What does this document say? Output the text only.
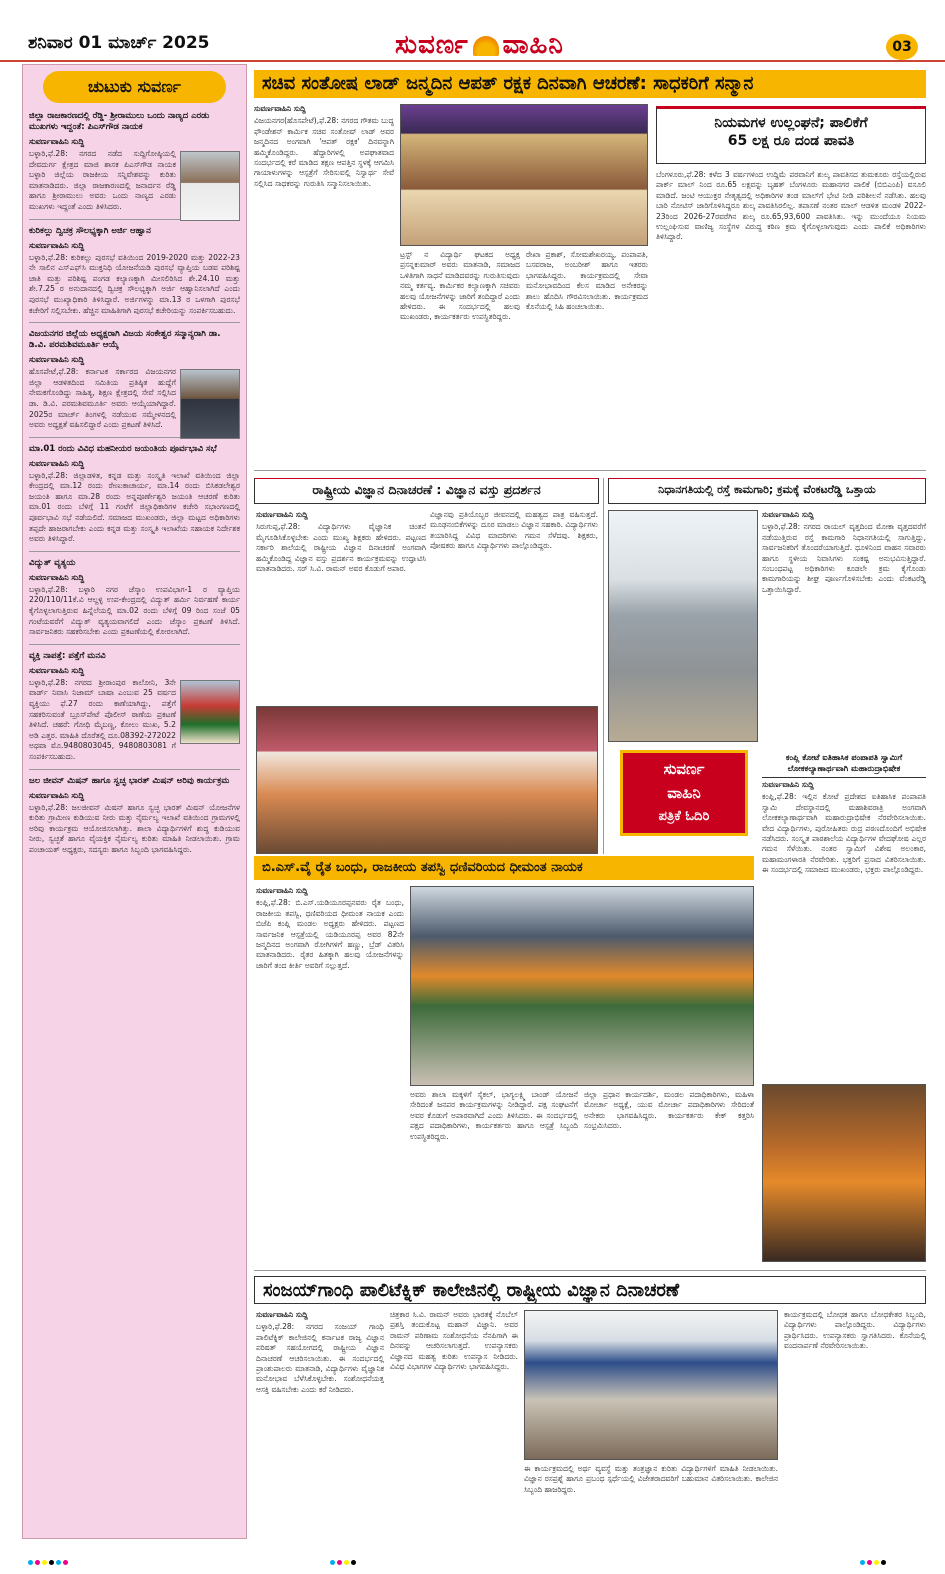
ಶನಿವಾರ 01 ಮಾರ್ಚ್ 2025	ಸುವರ್ಣ ವಾಹಿನಿ	03
ಚುಟುಕು ಸುವರ್ಣ
ಜಿಲ್ಲಾ ರಾಜಕಾರಣದಲ್ಲಿ ರೆಡ್ಡಿ- ಶ್ರೀರಾಮುಲು ಒಂದು ನಾಣ್ಯದ ಎರಡು ಮುಖಗಳು ಇದ್ದಂತೆ: ಪಿಎಸ್‌ಗೌಡ ನಾಯಕ
ಸುವರ್ಣವಾಹಿನಿ ಸುದ್ದಿ
ಬಳ್ಳಾರಿ,ಫೆ.28: ನಗರದ ನಡೆದ ಸುದ್ದಿಗೋಷ್ಠಿಯಲ್ಲಿ ದೇವದುರ್ಗ ಕ್ಷೇತ್ರದ ಮಾಜಿ ಶಾಸಕ ಪಿಎಸ್‌ಗೌಡ ನಾಯಕ ಬಳ್ಳಾರಿ ಜಿಲ್ಲೆಯ ರಾಜಕೀಯ ಸನ್ನಿವೇಶವನ್ನು ಕುರಿತು ಮಾತನಾಡಿದರು. ಜಿಲ್ಲಾ ರಾಜಕಾರಣದಲ್ಲಿ ಜನಾರ್ದನ ರೆಡ್ಡಿ ಹಾಗೂ ಶ್ರೀರಾಮುಲು ಅವರು ಒಂದು ನಾಣ್ಯದ ಎರಡು ಮುಖಗಳು ಇದ್ದಂತೆ ಎಂದು ತಿಳಿಸಿದರು.
ಕುರಿಕಲ್ಲು ದ್ವಿಚಕ್ರ ಸೌಲಭ್ಯಕ್ಕಾಗಿ ಅರ್ಜಿ ಆಹ್ವಾನ
ಸುವರ್ಣವಾಹಿನಿ ಸುದ್ದಿ
ಬಳ್ಳಾರಿ,ಫೆ.28: ಕುರಿಕಲ್ಲು ಪುರಸಭೆ ವತಿಯಿಂದ 2019-2020 ಮತ್ತು 2022-23 ನೇ ಸಾಲಿನ ಎಸ್‌ಎಫ್‌ಸಿ ಮುಕ್ತನಿಧಿ ಯೋಜನೆಯಡಿ ಪುರಸಭೆ ವ್ಯಾಪ್ತಿಯ ಬಡವ ಪರಿಶಿಷ್ಟ ಜಾತಿ ಮತ್ತು ಪರಿಶಿಷ್ಟ ಪಂಗಡ ಕಲ್ಯಾಣಕ್ಕಾಗಿ ಮೀಸಲಿರಿಸಿದ ಶೇ.24.10 ಮತ್ತು ಶೇ.7.25 ರ ಅನುದಾನದಲ್ಲಿ ದ್ವಿಚಕ್ರ ಸೌಲಭ್ಯಕ್ಕಾಗಿ ಅರ್ಜಿ ಆಹ್ವಾನಿಸಲಾಗಿದೆ ಎಂದು ಪುರಸಭೆ ಮುಖ್ಯಾಧಿಕಾರಿ ತಿಳಿಸಿದ್ದಾರೆ. ಅರ್ಜಿಗಳನ್ನು ಮಾ.13 ರ ಒಳಗಾಗಿ ಪುರಸಭೆ ಕಚೇರಿಗೆ ಸಲ್ಲಿಸಬೇಕು. ಹೆಚ್ಚಿನ ಮಾಹಿತಿಗಾಗಿ ಪುರಸಭೆ ಕಚೇರಿಯನ್ನು ಸಂಪರ್ಕಿಸಬಹುದು.
ವಿಜಯನಗರ ಜಿಲ್ಲೆಯ ಅಧ್ಯಕ್ಷರಾಗಿ ವಿಜಯ ಸಂಕೇಶ್ವರ ಸನ್ಮಾನ್ಯರಾಗಿ ಡಾ. ಡಿ.ವಿ. ಪರಮಶಿವಮೂರ್ತಿ ಆಯ್ಕೆ
ಸುವರ್ಣವಾಹಿನಿ ಸುದ್ದಿ
ಹೊಸಪೇಟೆ,ಫೆ.28: ಕರ್ನಾಟಕ ಸರ್ಕಾರದ ವಿಜಯನಗರ ಜಿಲ್ಲಾ ಆಡಳಿತದಿಂದ ಸಮಿತಿಯ ಪ್ರತಿಷ್ಠಿತ ಹುದ್ದೆಗೆ ನೇಮಕಗೊಂಡಿದ್ದು ಸಾಹಿತ್ಯ, ಶಿಕ್ಷಣ ಕ್ಷೇತ್ರದಲ್ಲಿ ಸೇವೆ ಸಲ್ಲಿಸಿದ ಡಾ. ಡಿ.ವಿ. ಪರಮಶಿವಮೂರ್ತಿ ಅವರು ಆಯ್ಕೆಯಾಗಿದ್ದಾರೆ. 2025ರ ಮಾರ್ಚ್ ತಿಂಗಳಲ್ಲಿ ನಡೆಯುವ ಸಮ್ಮೇಳನದಲ್ಲಿ ಅವರು ಅಧ್ಯಕ್ಷತೆ ವಹಿಸಲಿದ್ದಾರೆ ಎಂದು ಪ್ರಕಟಣೆ ತಿಳಿಸಿದೆ.
ಮಾ.01 ರಂದು ವಿವಿಧ ಮಹನೀಯರ ಜಯಂತಿಯ ಪೂರ್ವಭಾವಿ ಸಭೆ
ಸುವರ್ಣವಾಹಿನಿ ಸುದ್ದಿ
ಬಳ್ಳಾರಿ,ಫೆ.28: ಜಿಲ್ಲಾಡಳಿತ, ಕನ್ನಡ ಮತ್ತು ಸಂಸ್ಕೃತಿ ಇಲಾಖೆ ವತಿಯಿಂದ ಜಿಲ್ಲಾ ಕೇಂದ್ರದಲ್ಲಿ ಮಾ.12 ರಂದು ರೇಣುಕಾಚಾರ್ಯ, ಮಾ.14 ರಂದು ಬಿಸಿಕಡಲೇಶ್ವರ ಜಯಂತಿ ಹಾಗೂ ಮಾ.28 ರಂದು ಅನ್ನಪೂರ್ಣೇಶ್ವರಿ ಜಯಂತಿ ಆಚರಣೆ ಕುರಿತು ಮಾ.01 ರಂದು ಬೆಳಿಗ್ಗೆ 11 ಗಂಟೆಗೆ ಜಿಲ್ಲಾಧಿಕಾರಿಗಳ ಕಚೇರಿ ಸಭಾಂಗಣದಲ್ಲಿ ಪೂರ್ವಭಾವಿ ಸಭೆ ನಡೆಯಲಿದೆ. ಸಮಾಜದ ಮುಖಂಡರು, ಜಿಲ್ಲಾ ಮಟ್ಟದ ಅಧಿಕಾರಿಗಳು ತಪ್ಪದೇ ಹಾಜರಾಗಬೇಕು ಎಂದು ಕನ್ನಡ ಮತ್ತು ಸಂಸ್ಕೃತಿ ಇಲಾಖೆಯ ಸಹಾಯಕ ನಿರ್ದೇಶಕ ಅವರು ತಿಳಿಸಿದ್ದಾರೆ.
ವಿದ್ಯುತ್ ವ್ಯತ್ಯಯ
ಸುವರ್ಣವಾಹಿನಿ ಸುದ್ದಿ
ಬಳ್ಳಾರಿ,ಫೆ.28: ಬಳ್ಳಾರಿ ನಗರ ಜೆಸ್ಕಾಂ ಉಪವಿಭಾಗ-1 ರ ವ್ಯಾಪ್ತಿಯ 220/110/11ಕೆ.ವಿ ಆಲ್ದಳ್ಳಿ ಉಪ-ಕೇಂದ್ರದಲ್ಲಿ ವಿದ್ಯುತ್ ಹರ್ಮಿ ನಿರ್ವಹಣೆ ಕಾರ್ಯ ಕೈಗೊಳ್ಳಲಾಗುತ್ತಿರುವ ಹಿನ್ನೆಲೆಯಲ್ಲಿ ಮಾ.02 ರಂದು ಬೆಳಿಗ್ಗೆ 09 ರಿಂದ ಸಂಜೆ 05 ಗಂಟೆಯವರೆಗೆ ವಿದ್ಯುತ್ ವ್ಯತ್ಯಯವಾಗಲಿದೆ ಎಂದು ಜೆಸ್ಕಾಂ ಪ್ರಕಟಣೆ ತಿಳಿಸಿದೆ. ಸಾರ್ವಜನಿಕರು ಸಹಕರಿಸಬೇಕು ಎಂದು ಪ್ರಕಟಣೆಯಲ್ಲಿ ಕೋರಲಾಗಿದೆ.
ವ್ಯಕ್ತಿ ನಾಪತ್ತೆ: ಪತ್ತೆಗೆ ಮನವಿ
ಸುವರ್ಣವಾಹಿನಿ ಸುದ್ದಿ
ಬಳ್ಳಾರಿ,ಫೆ.28: ನಗರದ ಶ್ರೀರಾಂಪುರ ಕಾಲೋನಿ, 3ನೇ ವಾರ್ಡ್ ನಿವಾಸಿ ನಿಜಾಮ್ ಬಾಷಾ ಎಂಬುವ 25 ವರ್ಷದ ವ್ಯಕ್ತಿಯು ಫೆ.27 ರಂದು ಕಾಣೆಯಾಗಿದ್ದು, ಪತ್ತೆಗೆ ಸಹಕರಿಸುವಂತೆ ಬ್ರೂಸ್‌ಪೇಟೆ ಪೊಲೀಸ್ ಠಾಣೆಯ ಪ್ರಕಟಣೆ ತಿಳಿಸಿದೆ. ಚಹರೆ: ಗೋಧಿ ಮೈಬಣ್ಣ, ಕೋಲು ಮುಖ, 5.2 ಅಡಿ ಎತ್ತರ. ಮಾಹಿತಿ ದೊರೆತಲ್ಲಿ ದೂ.08392-272022 ಅಥವಾ ಮೊ.9480803045, 9480803081 ಗೆ ಸಂಪರ್ಕಿಸಬಹುದು.
ಜಲ ಜೀವನ್ ಮಿಷನ್ ಹಾಗೂ ಸ್ವಚ್ಛ ಭಾರತ್ ಮಿಷನ್ ಅರಿವು ಕಾರ್ಯಕ್ರಮ
ಸುವರ್ಣವಾಹಿನಿ ಸುದ್ದಿ
ಬಳ್ಳಾರಿ,ಫೆ.28: ಜಲಜೀವನ್ ಮಿಷನ್ ಹಾಗೂ ಸ್ವಚ್ಛ ಭಾರತ್ ಮಿಷನ್ ಯೋಜನೆಗಳ ಕುರಿತು ಗ್ರಾಮೀಣ ಕುಡಿಯುವ ನೀರು ಮತ್ತು ನೈರ್ಮಲ್ಯ ಇಲಾಖೆ ವತಿಯಿಂದ ಗ್ರಾಮಗಳಲ್ಲಿ ಅರಿವು ಕಾರ್ಯಕ್ರಮ ಆಯೋಜಿಸಲಾಗಿತ್ತು. ಶಾಲಾ ವಿದ್ಯಾರ್ಥಿಗಳಿಗೆ ಶುದ್ಧ ಕುಡಿಯುವ ನೀರು, ಸ್ವಚ್ಛತೆ ಹಾಗೂ ವೈಯಕ್ತಿಕ ನೈರ್ಮಲ್ಯ ಕುರಿತು ಮಾಹಿತಿ ನೀಡಲಾಯಿತು. ಗ್ರಾಮ ಪಂಚಾಯತ್ ಅಧ್ಯಕ್ಷರು, ಸದಸ್ಯರು ಹಾಗೂ ಸಿಬ್ಬಂದಿ ಭಾಗವಹಿಸಿದ್ದರು.
ಸಚಿವ ಸಂತೋಷ ಲಾಡ್ ಜನ್ಮದಿನ ಆಪತ್ ರಕ್ಷಕ ದಿನವಾಗಿ ಆಚರಣೆ: ಸಾಧಕರಿಗೆ ಸನ್ಮಾನ
ಸುವರ್ಣವಾಹಿನಿ ಸುದ್ದಿ
ವಿಜಯನಗರ(ಹೊಸಪೇಟೆ),ಫೆ.28: ನಗರದ ಗೌತಮ ಬುದ್ಧ ಫೌಂಡೇಶನ್ ಕಾರ್ಮಿಕ ಸಚಿವ ಸಂತೋಷ್ ಲಾಡ್ ಅವರ ಜನ್ಮದಿನದ ಅಂಗವಾಗಿ 'ಆಪತ್ ರಕ್ಷಕ' ದಿನವನ್ನಾಗಿ ಹಮ್ಮಿಕೊಂಡಿದ್ದರು. ಹೆದ್ದಾರಿಗಳಲ್ಲಿ ಅಪಘಾತವಾದ ಸಂದರ್ಭದಲ್ಲಿ ಕರೆ ಮಾಡಿದ ತಕ್ಷಣ ಆಪತ್ತಿನ ಸ್ಥಳಕ್ಕೆ ಆಗಮಿಸಿ ಗಾಯಾಳುಗಳನ್ನು ಆಸ್ಪತ್ರೆಗೆ ಸೇರಿಸುವಲ್ಲಿ ನಿಸ್ವಾರ್ಥ ಸೇವೆ ಸಲ್ಲಿಸಿದ ಸಾಧಕರನ್ನು ಗುರುತಿಸಿ ಸನ್ಮಾನಿಸಲಾಯಿತು.
ಟ್ರಸ್ಟ್ ನ ವಿದ್ಯಾರ್ಥಿ ಘಟಕದ ಅಧ್ಯಕ್ಷ ಪ್ರಸನ್ನಕುಮಾರ್ ಅವರು ಮಾತನಾಡಿ, ಸಮಾಜದ ಒಳಿತಿಗಾಗಿ ಸಾಧನೆ ಮಾಡಿದವರನ್ನು ಗುರುತಿಸುವುದು ನಮ್ಮ ಕರ್ತವ್ಯ. ಕಾರ್ಮಿಕರ ಕಲ್ಯಾಣಕ್ಕಾಗಿ ಸಚಿವರು ಹಲವು ಯೋಜನೆಗಳನ್ನು ಜಾರಿಗೆ ತಂದಿದ್ದಾರೆ ಎಂದು ಹೇಳಿದರು. ಈ ಸಂದರ್ಭದಲ್ಲಿ ಹಲವು ಮುಖಂಡರು, ಕಾರ್ಯಕರ್ತರು ಉಪಸ್ಥಿತರಿದ್ದರು.
ರೇಖಾ ಪ್ರಕಾಶ್, ಸೋಮಶೇಖರಯ್ಯ, ಪಂಪಾಪತಿ, ಬಸವರಾಜ, ಅಂಬರೀಶ್ ಹಾಗೂ ಇತರರು ಭಾಗವಹಿಸಿದ್ದರು. ಕಾರ್ಯಕ್ರಮದಲ್ಲಿ ಸೇವಾ ಮನೋಭಾವದಿಂದ ಕೆಲಸ ಮಾಡಿದ ಅನೇಕರನ್ನು ಶಾಲು ಹೊದಿಸಿ ಗೌರವಿಸಲಾಯಿತು. ಕಾರ್ಯಕ್ರಮದ ಕೊನೆಯಲ್ಲಿ ಸಿಹಿ ಹಂಚಲಾಯಿತು.
ನಿಯಮಗಳ ಉಲ್ಲಂಘನೆ; ಪಾಲಿಕೆಗೆ
65 ಲಕ್ಷ ರೂ ದಂಡ ಪಾವತಿ
ಬೆಂಗಳೂರು,ಫೆ.28: ಕಳೆದ 3 ವರ್ಷಗಳಿಂದ ಉದ್ದಿಮೆ ಪರವಾನಿಗೆ ಶುಲ್ಕ ಪಾವತಿಸದ ತುಮಕೂರು ರಸ್ತೆಯಲ್ಲಿರುವ ಪಾರ್ಕ್ ಮಾಲ್ ನಿಂದ ರೂ.65 ಲಕ್ಷವನ್ನು ಬೃಹತ್ ಬೆಂಗಳೂರು ಮಹಾನಗರ ಪಾಲಿಕೆ (ಬಿಬಿಎಂಪಿ) ವಸೂಲಿ ಮಾಡಿದೆ. ಜಂಟಿ ಆಯುಕ್ತರ ನೇತೃತ್ವದಲ್ಲಿ ಅಧಿಕಾರಿಗಳ ತಂಡ ಮಾಲ್‌ಗೆ ಭೇಟಿ ನೀಡಿ ಪರಿಶೀಲನೆ ನಡೆಸಿತು. ಹಲವು ಬಾರಿ ನೋಟಿಸ್ ಜಾರಿಗೊಳಿಸಿದ್ದರೂ ಶುಲ್ಕ ಪಾವತಿಸಿರಲಿಲ್ಲ. ತಪಾಸಣೆ ನಂತರ ಮಾಲ್ ಆಡಳಿತ ಮಂಡಳಿ 2022-23ರಿಂದ 2026-27ರವರೆಗಿನ ಶುಲ್ಕ ರೂ.65,93,600 ಪಾವತಿಸಿತು. ಇನ್ನು ಮುಂದೆಯೂ ನಿಯಮ ಉಲ್ಲಂಘಿಸುವ ವಾಣಿಜ್ಯ ಸಂಸ್ಥೆಗಳ ವಿರುದ್ಧ ಕಠಿಣ ಕ್ರಮ ಕೈಗೊಳ್ಳಲಾಗುವುದು ಎಂದು ಪಾಲಿಕೆ ಅಧಿಕಾರಿಗಳು ತಿಳಿಸಿದ್ದಾರೆ.
ರಾಷ್ಟ್ರೀಯ ವಿಜ್ಞಾನ ದಿನಾಚರಣೆ : ವಿಜ್ಞಾನ ವಸ್ತು ಪ್ರದರ್ಶನ
ಸುವರ್ಣವಾಹಿನಿ ಸುದ್ದಿ
ಸಿರುಗುಪ್ಪ,ಫೆ.28: ವಿದ್ಯಾರ್ಥಿಗಳು ವೈಜ್ಞಾನಿಕ ಚಿಂತನೆ ಮೈಗೂಡಿಸಿಕೊಳ್ಳಬೇಕು ಎಂದು ಮುಖ್ಯ ಶಿಕ್ಷಕರು ಹೇಳಿದರು. ಪಟ್ಟಣದ ಸರ್ಕಾರಿ ಶಾಲೆಯಲ್ಲಿ ರಾಷ್ಟ್ರೀಯ ವಿಜ್ಞಾನ ದಿನಾಚರಣೆ ಅಂಗವಾಗಿ ಹಮ್ಮಿಕೊಂಡಿದ್ದ ವಿಜ್ಞಾನ ವಸ್ತು ಪ್ರದರ್ಶನ ಕಾರ್ಯಕ್ರಮವನ್ನು ಉದ್ಘಾಟಿಸಿ ಮಾತನಾಡಿದರು. ಸರ್ ಸಿ.ವಿ. ರಾಮನ್ ಅವರ ಕೊಡುಗೆ ಅಪಾರ.
ವಿಜ್ಞಾನವು ಪ್ರತಿಯೊಬ್ಬರ ಜೀವನದಲ್ಲಿ ಮಹತ್ವದ ಪಾತ್ರ ವಹಿಸುತ್ತದೆ. ಮೂಢನಂಬಿಕೆಗಳನ್ನು ದೂರ ಮಾಡಲು ವಿಜ್ಞಾನ ಸಹಕಾರಿ. ವಿದ್ಯಾರ್ಥಿಗಳು ತಯಾರಿಸಿದ್ದ ವಿವಿಧ ಮಾದರಿಗಳು ಗಮನ ಸೆಳೆದವು. ಶಿಕ್ಷಕರು, ಪೋಷಕರು ಹಾಗೂ ವಿದ್ಯಾರ್ಥಿಗಳು ಪಾಲ್ಗೊಂಡಿದ್ದರು.
ನಿಧಾನಗತಿಯಲ್ಲಿ ರಸ್ತೆ ಕಾಮಗಾರಿ; ಕ್ರಮಕ್ಕೆ ವೆಂಕಟರೆಡ್ಡಿ ಒತ್ತಾಯ
ಸುವರ್ಣವಾಹಿನಿ ಸುದ್ದಿ
ಬಳ್ಳಾರಿ,ಫೆ.28: ನಗರದ ರಾಯಲ್ ವೃತ್ತದಿಂದ ಮೋಕಾ ವೃತ್ತದವರೆಗೆ ನಡೆಯುತ್ತಿರುವ ರಸ್ತೆ ಕಾಮಗಾರಿ ನಿಧಾನಗತಿಯಲ್ಲಿ ಸಾಗುತ್ತಿದ್ದು, ಸಾರ್ವಜನಿಕರಿಗೆ ತೊಂದರೆಯಾಗುತ್ತಿದೆ. ಧೂಳಿನಿಂದ ವಾಹನ ಸವಾರರು ಹಾಗೂ ಸ್ಥಳೀಯ ನಿವಾಸಿಗಳು ಸಂಕಷ್ಟ ಅನುಭವಿಸುತ್ತಿದ್ದಾರೆ. ಸಂಬಂಧಪಟ್ಟ ಅಧಿಕಾರಿಗಳು ಕೂಡಲೇ ಕ್ರಮ ಕೈಗೊಂಡು ಕಾಮಗಾರಿಯನ್ನು ಶೀಘ್ರ ಪೂರ್ಣಗೊಳಿಸಬೇಕು ಎಂದು ವೆಂಕಟರೆಡ್ಡಿ ಒತ್ತಾಯಿಸಿದ್ದಾರೆ.
ಸುವರ್ಣ
ವಾಹಿನಿ
ಪತ್ರಿಕೆ ಓದಿರಿ
ಕಂಪ್ಲಿ ಕೋಟೆ ಐತಿಹಾಸಿಕ ಪಂಪಾಪತಿ ಸ್ವಾಮಿಗೆ ಲೋಕಕಲ್ಯಾಣಾರ್ಥವಾಗಿ ಮಹಾರುದ್ರಾಭಿಷೇಕ
ಸುವರ್ಣವಾಹಿನಿ ಸುದ್ದಿ
ಕಂಪ್ಲಿ,ಫೆ.28: ಇಲ್ಲಿನ ಕೋಟೆ ಪ್ರದೇಶದ ಐತಿಹಾಸಿಕ ಪಂಪಾಪತಿ ಸ್ವಾಮಿ ದೇವಸ್ಥಾನದಲ್ಲಿ ಮಹಾಶಿವರಾತ್ರಿ ಅಂಗವಾಗಿ ಲೋಕಕಲ್ಯಾಣಾರ್ಥವಾಗಿ ಮಹಾರುದ್ರಾಭಿಷೇಕ ನೆರವೇರಿಸಲಾಯಿತು. ವೇದ ವಿದ್ಯಾರ್ಥಿಗಳು, ಪುರೋಹಿತರು ರುದ್ರ ಪಠಣದೊಂದಿಗೆ ಅಭಿಷೇಕ ನಡೆಸಿದರು. ಸಂಸ್ಕೃತ ಪಾಠಶಾಲೆಯ ವಿದ್ಯಾರ್ಥಿಗಳ ವೇದಘೋಷ ಎಲ್ಲರ ಗಮನ ಸೆಳೆಯಿತು. ನಂತರ ಸ್ವಾಮಿಗೆ ವಿಶೇಷ ಅಲಂಕಾರ, ಮಹಾಮಂಗಳಾರತಿ ನೆರವೇರಿತು. ಭಕ್ತರಿಗೆ ಪ್ರಸಾದ ವಿತರಿಸಲಾಯಿತು. ಈ ಸಂದರ್ಭದಲ್ಲಿ ಸಮಾಜದ ಮುಖಂಡರು, ಭಕ್ತರು ಪಾಲ್ಗೊಂಡಿದ್ದರು.
ಬಿ.ಎಸ್.ವೈ ರೈತ ಬಂಧು, ರಾಜಕೀಯ ತಪಸ್ವಿ ಧಣಿವರಿಯದ ಧೀಮಂತ ನಾಯಕ
ಸುವರ್ಣವಾಹಿನಿ ಸುದ್ದಿ
ಕಂಪ್ಲಿ,ಫೆ.28: ಬಿ.ಎಸ್.ಯಡಿಯೂರಪ್ಪನವರು ರೈತ ಬಂಧು, ರಾಜಕೀಯ ತಪಸ್ವಿ, ಧಣಿವರಿಯದ ಧೀಮಂತ ನಾಯಕ ಎಂದು ಬಿಜೆಪಿ ಕಂಪ್ಲಿ ಮಂಡಲ ಅಧ್ಯಕ್ಷರು ಹೇಳಿದರು. ಪಟ್ಟಣದ ಸಾರ್ವಜನಿಕ ಆಸ್ಪತ್ರೆಯಲ್ಲಿ ಯಡಿಯೂರಪ್ಪ ಅವರ 82ನೇ ಜನ್ಮದಿನದ ಅಂಗವಾಗಿ ರೋಗಿಗಳಿಗೆ ಹಣ್ಣು, ಬ್ರೆಡ್ ವಿತರಿಸಿ ಮಾತನಾಡಿದರು. ರೈತರ ಹಿತಕ್ಕಾಗಿ ಹಲವು ಯೋಜನೆಗಳನ್ನು ಜಾರಿಗೆ ತಂದ ಕೀರ್ತಿ ಅವರಿಗೆ ಸಲ್ಲುತ್ತದೆ.
ಅವರು ಶಾಲಾ ಮಕ್ಕಳಿಗೆ ಸೈಕಲ್, ಭಾಗ್ಯಲಕ್ಷ್ಮಿ ಬಾಂಡ್ ಯೋಜನೆ ಸೇರಿದಂತೆ ಜನಪರ ಕಾರ್ಯಕ್ರಮಗಳನ್ನು ನೀಡಿದ್ದಾರೆ. ಪಕ್ಷ ಸಂಘಟನೆಗೆ ಅವರ ಕೊಡುಗೆ ಅಪಾರವಾಗಿದೆ ಎಂದು ತಿಳಿಸಿದರು. ಈ ಸಂದರ್ಭದಲ್ಲಿ ಪಕ್ಷದ ಪದಾಧಿಕಾರಿಗಳು, ಕಾರ್ಯಕರ್ತರು ಹಾಗೂ ಆಸ್ಪತ್ರೆ ಸಿಬ್ಬಂದಿ ಉಪಸ್ಥಿತರಿದ್ದರು.
ಜಿಲ್ಲಾ ಪ್ರಧಾನ ಕಾರ್ಯದರ್ಶಿ, ಮಂಡಲ ಪದಾಧಿಕಾರಿಗಳು, ಮಹಿಳಾ ಮೋರ್ಚಾ ಅಧ್ಯಕ್ಷೆ, ಯುವ ಮೋರ್ಚಾ ಪದಾಧಿಕಾರಿಗಳು ಸೇರಿದಂತೆ ಅನೇಕರು ಭಾಗವಹಿಸಿದ್ದರು. ಕಾರ್ಯಕರ್ತರು ಕೇಕ್ ಕತ್ತರಿಸಿ ಸಂಭ್ರಮಿಸಿದರು.
ಸಂಜಯ್‌ಗಾಂಧಿ ಪಾಲಿಟೆಕ್ನಿಕ್ ಕಾಲೇಜಿನಲ್ಲಿ ರಾಷ್ಟ್ರೀಯ ವಿಜ್ಞಾನ ದಿನಾಚರಣೆ
ಸುವರ್ಣವಾಹಿನಿ ಸುದ್ದಿ
ಬಳ್ಳಾರಿ,ಫೆ.28: ನಗರದ ಸಂಜಯ್ ಗಾಂಧಿ ಪಾಲಿಟೆಕ್ನಿಕ್ ಕಾಲೇಜಿನಲ್ಲಿ ಕರ್ನಾಟಕ ರಾಜ್ಯ ವಿಜ್ಞಾನ ಪರಿಷತ್ ಸಹಯೋಗದಲ್ಲಿ ರಾಷ್ಟ್ರೀಯ ವಿಜ್ಞಾನ ದಿನಾಚರಣೆ ಆಚರಿಸಲಾಯಿತು. ಈ ಸಂದರ್ಭದಲ್ಲಿ ಪ್ರಾಂಶುಪಾಲರು ಮಾತನಾಡಿ, ವಿದ್ಯಾರ್ಥಿಗಳು ವೈಜ್ಞಾನಿಕ ಮನೋಭಾವ ಬೆಳೆಸಿಕೊಳ್ಳಬೇಕು. ಸಂಶೋಧನೆಯತ್ತ ಆಸಕ್ತಿ ವಹಿಸಬೇಕು ಎಂದು ಕರೆ ನೀಡಿದರು.
ಚಿತ್ರಕಾರ ಸಿ.ವಿ. ರಾಮನ್ ಅವರು ಭಾರತಕ್ಕೆ ನೊಬೆಲ್ ಪ್ರಶಸ್ತಿ ತಂದುಕೊಟ್ಟ ಮಹಾನ್ ವಿಜ್ಞಾನಿ. ಅವರ ರಾಮನ್ ಪರಿಣಾಮ ಸಂಶೋಧನೆಯ ನೆನಪಿಗಾಗಿ ಈ ದಿನವನ್ನು ಆಚರಿಸಲಾಗುತ್ತದೆ. ಉಪನ್ಯಾಸಕರು ವಿಜ್ಞಾನದ ಮಹತ್ವ ಕುರಿತು ಉಪನ್ಯಾಸ ನೀಡಿದರು. ವಿವಿಧ ವಿಭಾಗಗಳ ವಿದ್ಯಾರ್ಥಿಗಳು ಭಾಗವಹಿಸಿದ್ದರು.
ಈ ಕಾರ್ಯಕ್ರಮದಲ್ಲಿ ಅರ್ಥ ವ್ಯವಸ್ಥೆ ಮತ್ತು ತಂತ್ರಜ್ಞಾನ ಕುರಿತು ವಿದ್ಯಾರ್ಥಿಗಳಿಗೆ ಮಾಹಿತಿ ನೀಡಲಾಯಿತು. ವಿಜ್ಞಾನ ರಸಪ್ರಶ್ನೆ ಹಾಗೂ ಪ್ರಬಂಧ ಸ್ಪರ್ಧೆಯಲ್ಲಿ ವಿಜೇತರಾದವರಿಗೆ ಬಹುಮಾನ ವಿತರಿಸಲಾಯಿತು. ಕಾಲೇಜಿನ ಸಿಬ್ಬಂದಿ ಹಾಜರಿದ್ದರು.
ಕಾರ್ಯಕ್ರಮದಲ್ಲಿ ಬೋಧಕ ಹಾಗೂ ಬೋಧಕೇತರ ಸಿಬ್ಬಂದಿ, ವಿದ್ಯಾರ್ಥಿಗಳು ಪಾಲ್ಗೊಂಡಿದ್ದರು. ವಿದ್ಯಾರ್ಥಿಗಳು ಪ್ರಾರ್ಥಿಸಿದರು. ಉಪನ್ಯಾಸಕರು ಸ್ವಾಗತಿಸಿದರು. ಕೊನೆಯಲ್ಲಿ ವಂದನಾರ್ಪಣೆ ನೆರವೇರಿಸಲಾಯಿತು.
